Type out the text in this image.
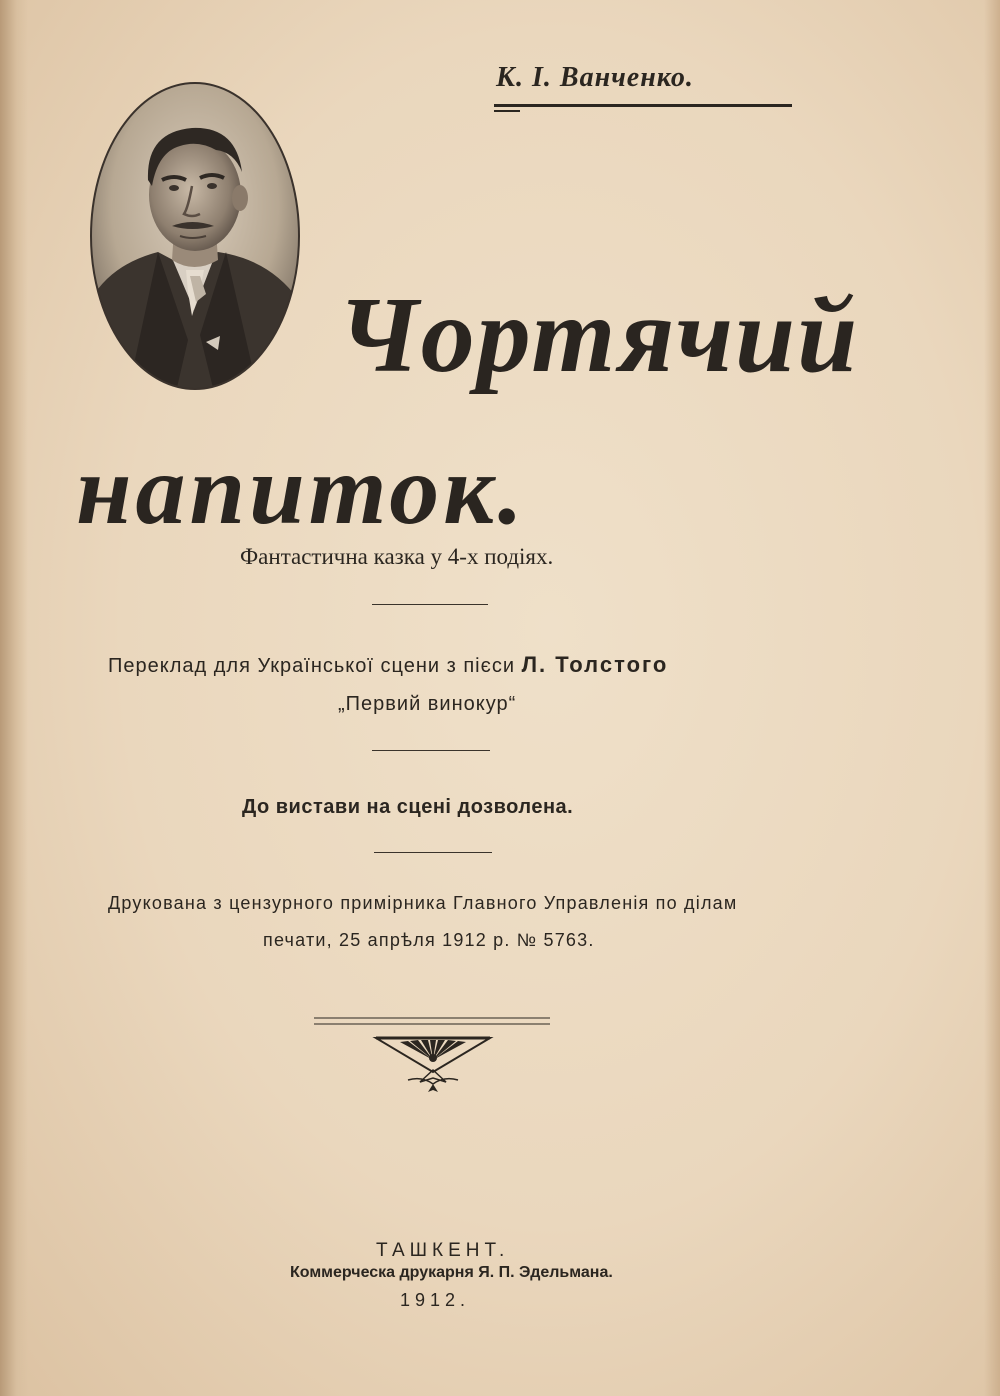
К. І. Ванченко.
Чортячий
напиток.
Фантастична казка у 4-х подіях.
Переклад для Української сцени з пієси Л. Толстого
„Первий винокур“
До вистави на сцені дозволена.
Друкована з цензурного примірника Главного Управленія по ділам
печати, 25 апрѣля 1912 р. № 5763.
ТАШКЕНТ.
Коммерческа друкарня Я. П. Эдельмана.
1912.
